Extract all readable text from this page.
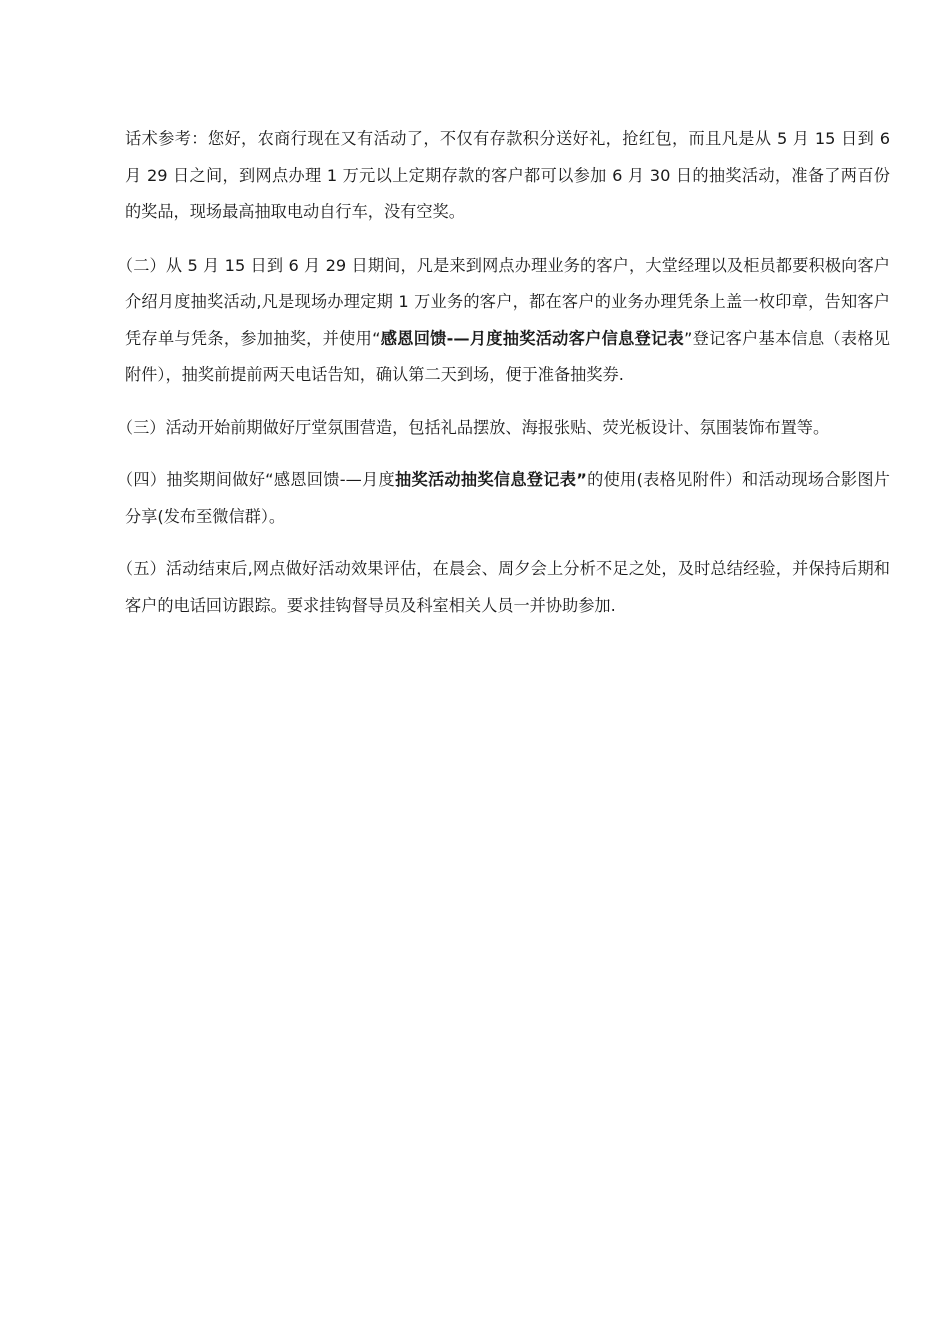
话术参考：您好，农商行现在又有活动了，不仅有存款积分送好礼，抢红包，而且凡是从 5 月 15 日到 6 月 29 日之间，到网点办理 1 万元以上定期存款的客户都可以参加 6 月 30 日的抽奖活动，准备了两百份的奖品，现场最高抽取电动自行车，没有空奖。

（二）从 5 月 15 日到 6 月 29 日期间，凡是来到网点办理业务的客户，大堂经理以及柜员都要积极向客户介绍月度抽奖活动,凡是现场办理定期 1 万业务的客户，都在客户的业务办理凭条上盖一枚印章，告知客户凭存单与凭条，参加抽奖，并使用“感恩回馈-—月度抽奖活动客户信息登记表”登记客户基本信息（表格见附件），抽奖前提前两天电话告知，确认第二天到场，便于准备抽奖券.

（三）活动开始前期做好厅堂氛围营造，包括礼品摆放、海报张贴、荧光板设计、氛围装饰布置等。

（四）抽奖期间做好“感恩回馈-—月度抽奖活动抽奖信息登记表”的使用(表格见附件）和活动现场合影图片分享(发布至微信群）。

（五）活动结束后,网点做好活动效果评估，在晨会、周夕会上分析不足之处，及时总结经验，并保持后期和客户的电话回访跟踪。要求挂钩督导员及科室相关人员一并协助参加.
